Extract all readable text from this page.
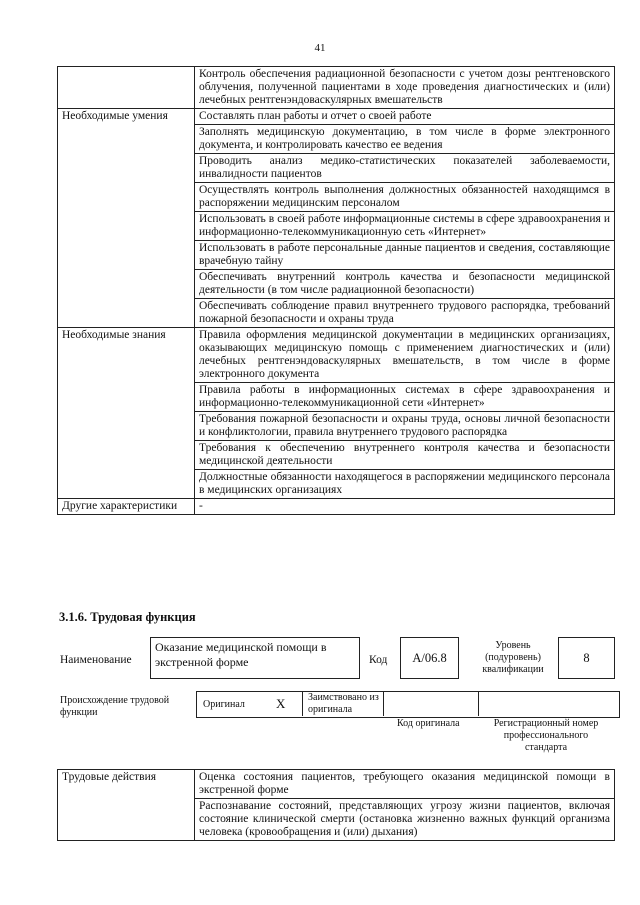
41
	Контроль обеспечения радиационной безопасности с учетом дозы рентгеновского облучения, полученной пациентами в ходе проведения диагностических и (или) лечебных рентгенэндоваскулярных вмешательств
Необходимые умения	Составлять план работы и отчет о своей работе
	Заполнять медицинскую документацию, в том числе в форме электронного документа, и контролировать качество ее ведения
	Проводить анализ медико-статистических показателей заболеваемости, инвалидности пациентов
	Осуществлять контроль выполнения должностных обязанностей находящимся в распоряжении медицинским персоналом
	Использовать в своей работе информационные системы в сфере здравоохранения и информационно-телекоммуникационную сеть «Интернет»
	Использовать в работе персональные данные пациентов и сведения, составляющие врачебную тайну
	Обеспечивать внутренний контроль качества и безопасности медицинской деятельности (в том числе радиационной безопасности)
	Обеспечивать соблюдение правил внутреннего трудового распорядка, требований пожарной безопасности и охраны труда
Необходимые знания	Правила оформления медицинской документации в медицинских организациях, оказывающих медицинскую помощь с применением диагностических и (или) лечебных рентгенэндоваскулярных вмешательств, в том числе в форме электронного документа
	Правила работы в информационных системах в сфере здравоохранения и информационно-телекоммуникационной сети «Интернет»
	Требования пожарной безопасности и охраны труда, основы личной безопасности и конфликтологии, правила внутреннего трудового распорядка
	Требования к обеспечению внутреннего контроля качества и безопасности медицинской деятельности
	Должностные обязанности находящегося в распоряжении медицинского персонала в медицинских организациях
Другие характеристики	-
3.1.6. Трудовая функция
Наименование
Оказание медицинской помощи в экстренной форме	Код A/06.8
Уровень (подуровень) квалификации
8
Происхождение трудовой функции
Оригинал X Заимствовано из оригинала
Код оригинала	Регистрационный номер профессионального стандарта
Трудовые действия	Оценка состояния пациентов, требующего оказания медицинской помощи в экстренной форме
Распознавание состояний, представляющих угрозу жизни пациентов, включая состояние клинической смерти (остановка жизненно важных функций организма человека (кровообращения и (или) дыхания)
